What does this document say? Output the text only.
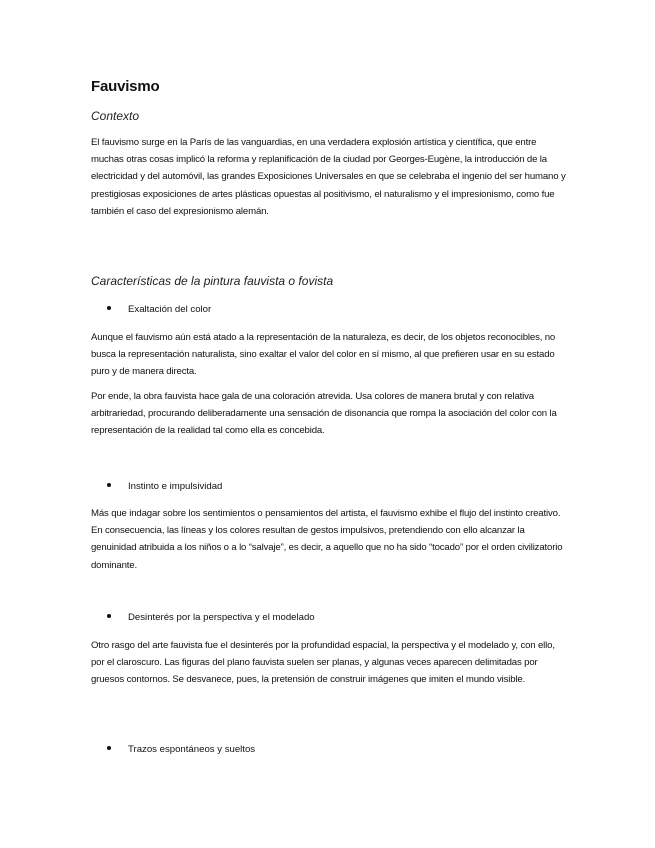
Fauvismo
Contexto

El fauvismo surge en la París de las vanguardias, en una verdadera explosión artística y científica, que entre muchas otras cosas implicó la reforma y replanificación de la ciudad por Georges-Eugène, la introducción de la electricidad y del automóvil, las grandes Exposiciones Universales en que se celebraba el ingenio del ser humano y prestigiosas exposiciones de artes plásticas opuestas al positivismo, el naturalismo y el impresionismo, como fue también el caso del expresionismo alemán.

Características de la pintura fauvista o fovista
Exaltación del color

Aunque el fauvismo aún está atado a la representación de la naturaleza, es decir, de los objetos reconocibles, no busca la representación naturalista, sino exaltar el valor del color en sí mismo, al que prefieren usar en su estado puro y de manera directa.

Por ende, la obra fauvista hace gala de una coloración atrevida. Usa colores de manera brutal y con relativa arbitrariedad, procurando deliberadamente una sensación de disonancia que rompa la asociación del color con la representación de la realidad tal como ella es concebida.

Instinto e impulsividad

Más que indagar sobre los sentimientos o pensamientos del artista, el fauvismo exhibe el flujo del instinto creativo. En consecuencia, las líneas y los colores resultan de gestos impulsivos, pretendiendo con ello alcanzar la genuinidad atribuida a los niños o a lo “salvaje”, es decir, a aquello que no ha sido “tocado” por el orden civilizatorio dominante.

Desinterés por la perspectiva y el modelado

Otro rasgo del arte fauvista fue el desinterés por la profundidad espacial, la perspectiva y el modelado y, con ello, por el claroscuro. Las figuras del plano fauvista suelen ser planas, y algunas veces aparecen delimitadas por gruesos contornos. Se desvanece, pues, la pretensión de construir imágenes que imiten el mundo visible.

Trazos espontáneos y sueltos
